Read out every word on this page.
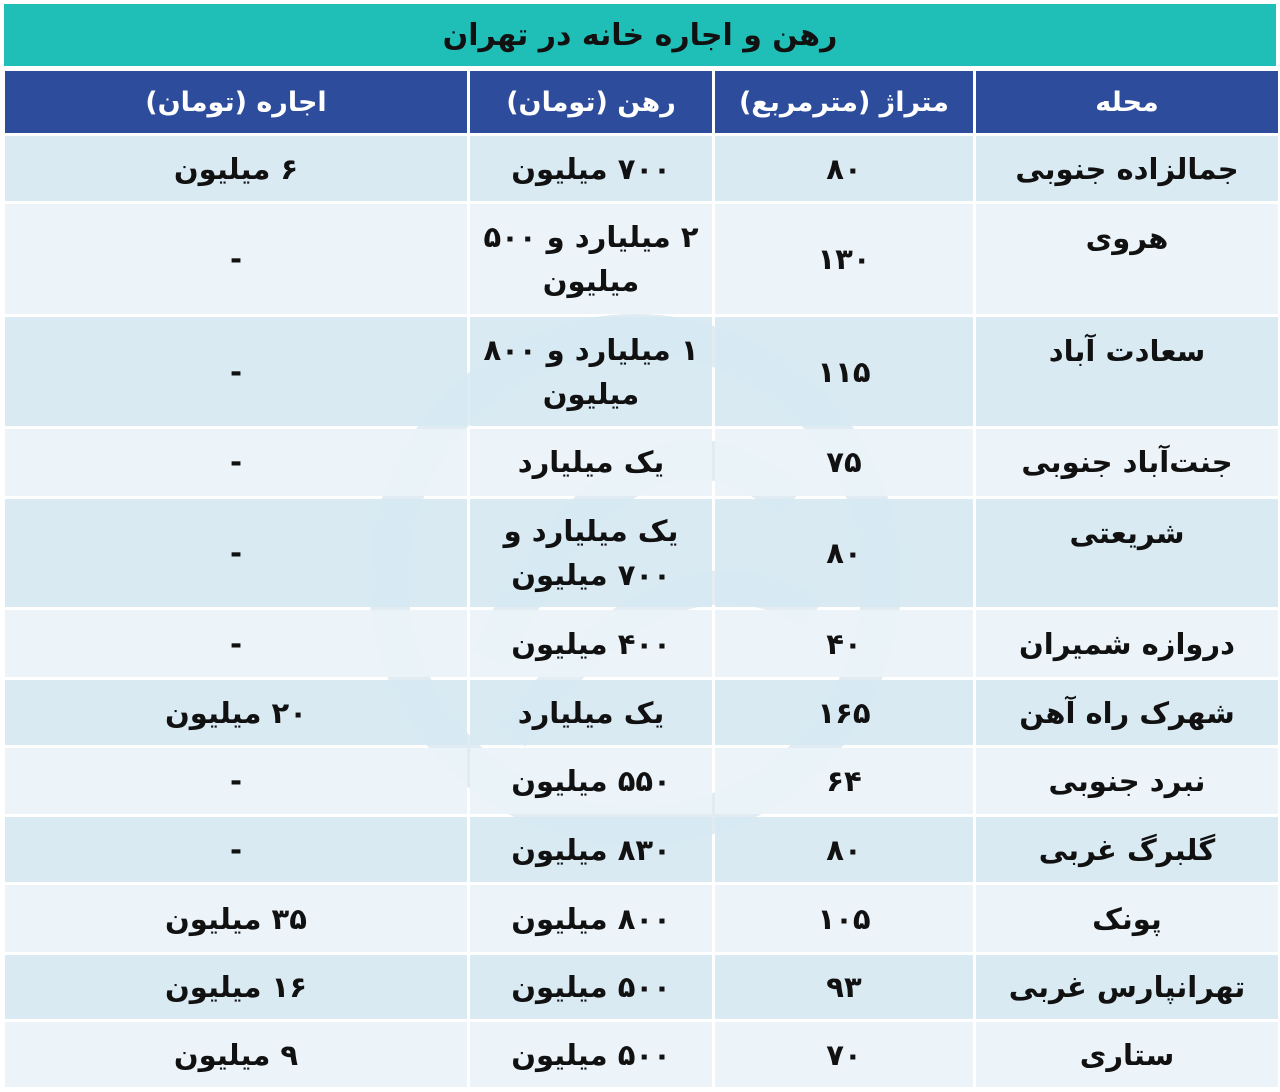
رهن و اجاره خانه در تهران
محله	متراژ (مترمربع)	رهن (تومان)	اجاره (تومان)
جمالزاده جنوبی	۸۰	۷۰۰ میلیون	۶ میلیون
هروی	۱۳۰	۲ میلیارد و ۵۰۰ میلیون	-
سعادت آباد	۱۱۵	۱ میلیارد و ۸۰۰ میلیون	-
جنت‌آباد جنوبی	۷۵	یک میلیارد	-
شریعتی	۸۰	یک میلیارد و ۷۰۰ میلیون	-
دروازه شمیران	۴۰	۴۰۰ میلیون	-
شهرک راه آهن	۱۶۵	یک میلیارد	۲۰ میلیون
نبرد جنوبی	۶۴	۵۵۰ میلیون	-
گلبرگ غربی	۸۰	۸۳۰ میلیون	-
پونک	۱۰۵	۸۰۰ میلیون	۳۵ میلیون
تهرانپارس غربی	۹۳	۵۰۰ میلیون	۱۶ میلیون
ستاری	۷۰	۵۰۰ میلیون	۹ میلیون
